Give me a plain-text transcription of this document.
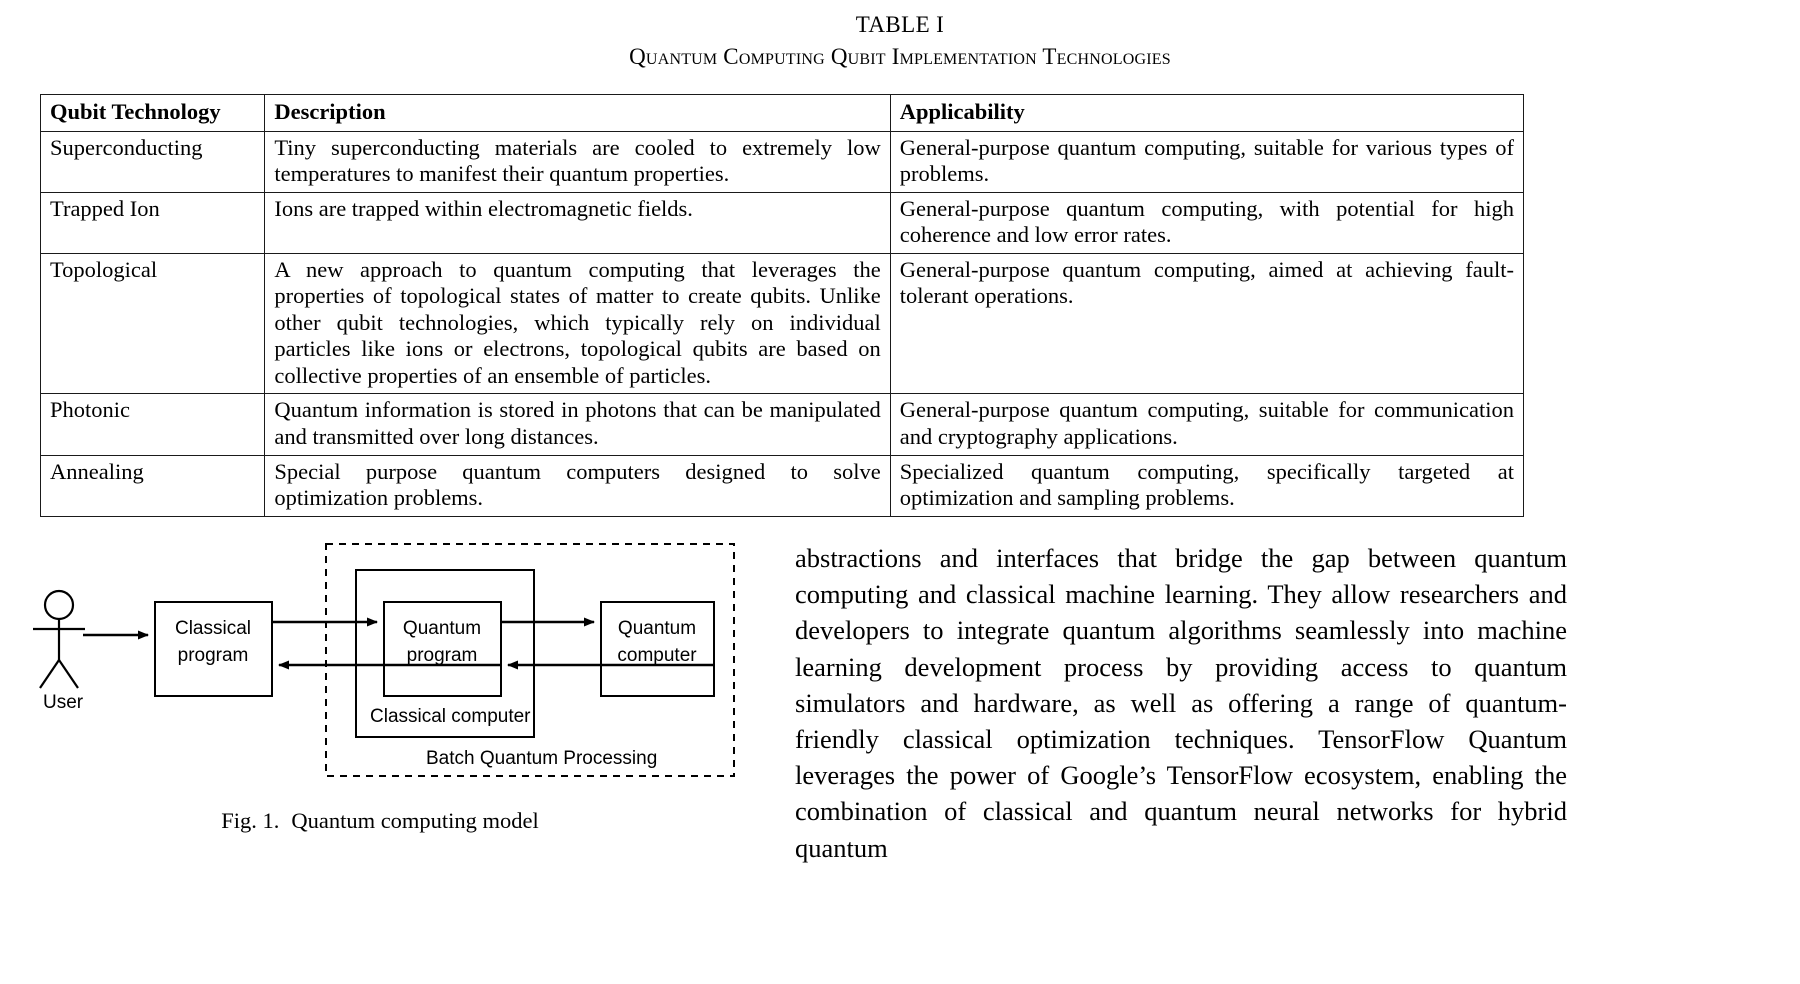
TABLE I
Quantum Computing Qubit Implementation Technologies
Qubit Technology	Description	Applicability
Superconducting	Tiny superconducting materials are cooled to extremely low temperatures to manifest their quantum properties.	General-purpose quantum computing, suitable for various types of problems.
Trapped Ion	Ions are trapped within electromagnetic fields.	General-purpose quantum computing, with potential for high coherence and low error rates.
Topological	A new approach to quantum computing that leverages the properties of topological states of matter to create qubits. Unlike other qubit technologies, which typically rely on individual particles like ions or electrons, topological qubits are based on collective properties of an ensemble of particles.	General-purpose quantum computing, aimed at achieving fault-tolerant operations.
Photonic	Quantum information is stored in photons that can be manipulated and transmitted over long distances.	General-purpose quantum computing, suitable for communication and cryptography applications.
Annealing	Special purpose quantum computers designed to solve optimization problems.	Specialized quantum computing, specifically targeted at optimization and sampling problems.
User
Classical
program
Quantum
program
Quantum
computer
Classical computer
Batch Quantum Processing
Fig. 1. Quantum computing model

abstractions and interfaces that bridge the gap between quantum computing and classical machine learning. They allow researchers and developers to integrate quantum algorithms seamlessly into machine learning development process by providing access to quantum simulators and hardware, as well as offering a range of quantum-friendly classical optimization techniques. TensorFlow Quantum leverages the power of Google’s TensorFlow ecosystem, enabling the combination of classical and quantum neural networks for hybrid quantum
